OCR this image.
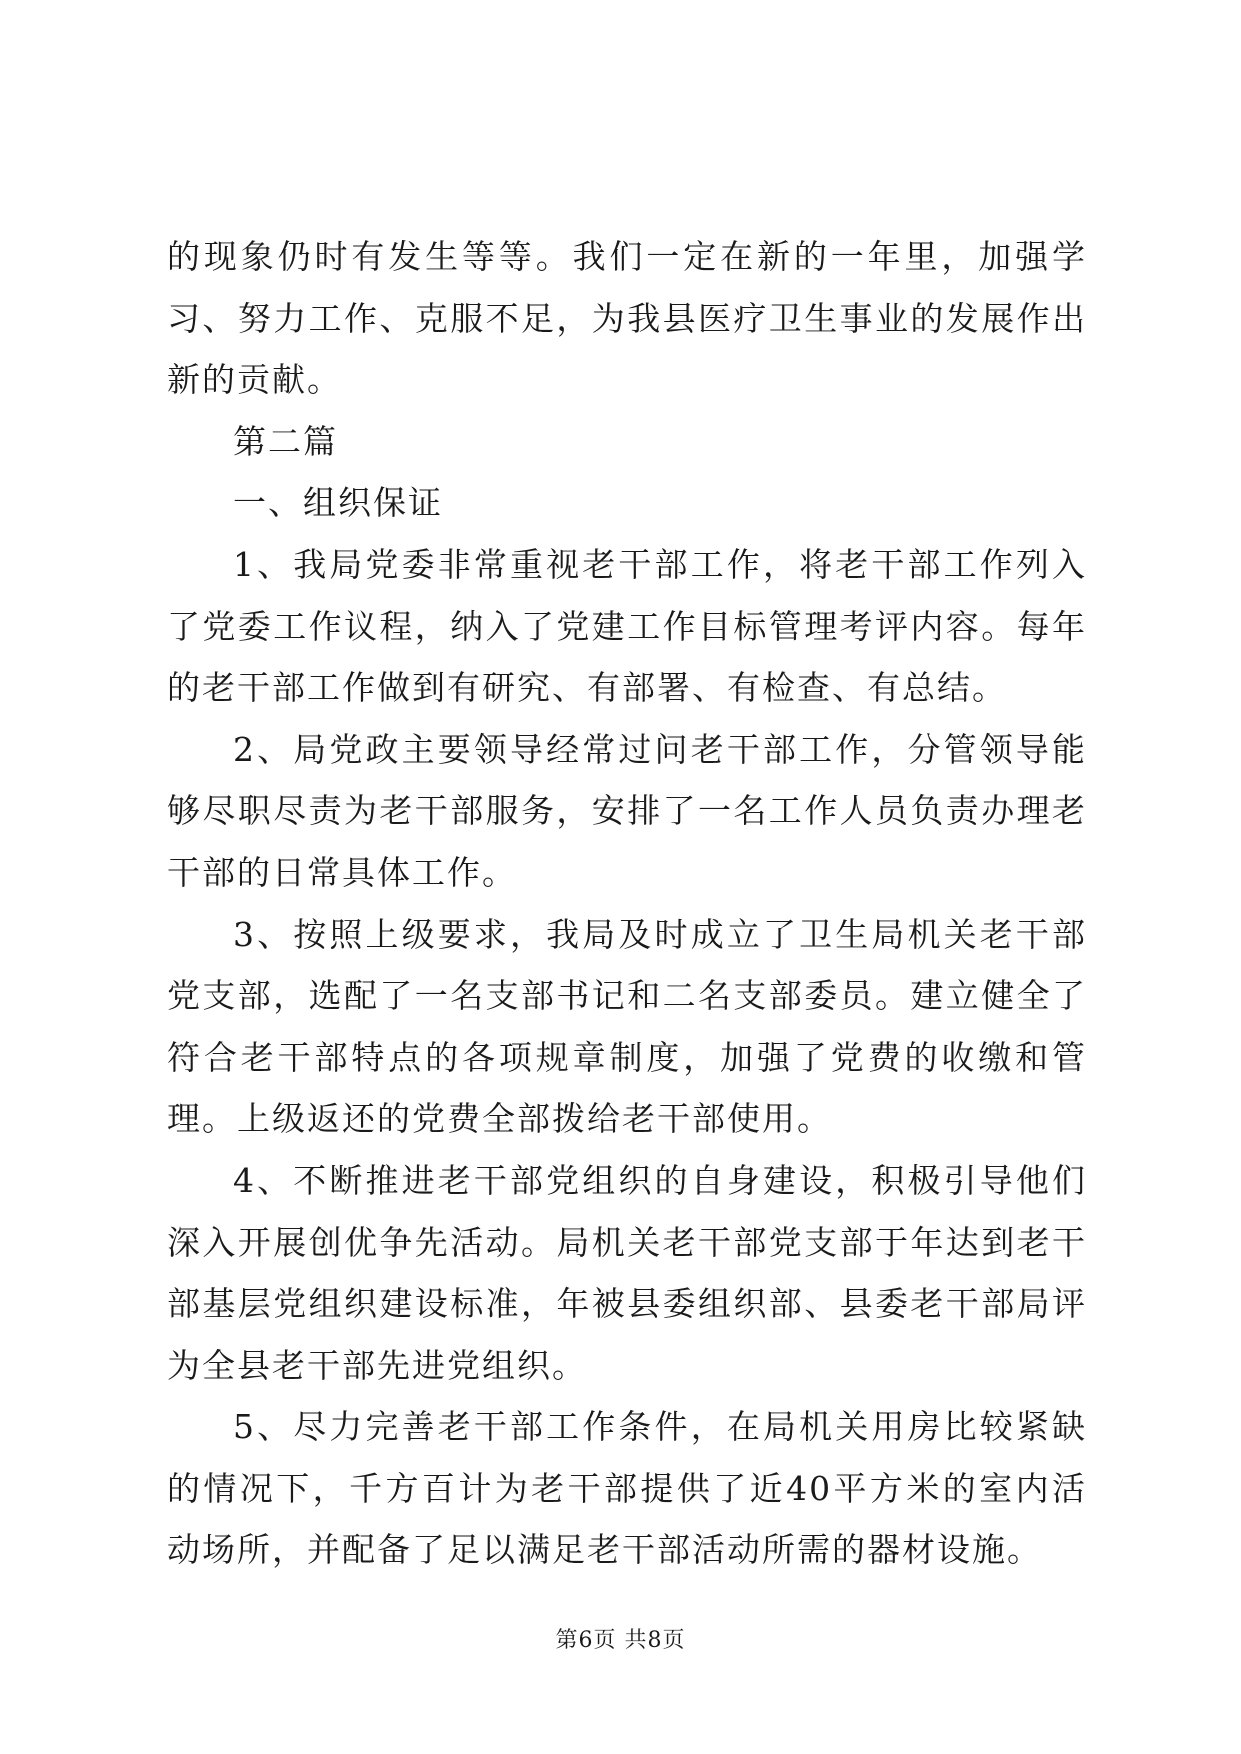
的现象仍时有发生等等。我们一定在新的一年里，加强学习、努力工作、克服不足，为我县医疗卫生事业的发展作出新的贡献。

第二篇

一、组织保证

1、我局党委非常重视老干部工作，将老干部工作列入了党委工作议程，纳入了党建工作目标管理考评内容。每年的老干部工作做到有研究、有部署、有检查、有总结。

2、局党政主要领导经常过问老干部工作，分管领导能够尽职尽责为老干部服务，安排了一名工作人员负责办理老干部的日常具体工作。

3、按照上级要求，我局及时成立了卫生局机关老干部党支部，选配了一名支部书记和二名支部委员。建立健全了符合老干部特点的各项规章制度，加强了党费的收缴和管理。上级返还的党费全部拨给老干部使用。

4、不断推进老干部党组织的自身建设，积极引导他们深入开展创优争先活动。局机关老干部党支部于年达到老干部基层党组织建设标准，年被县委组织部、县委老干部局评为全县老干部先进党组织。

5、尽力完善老干部工作条件，在局机关用房比较紧缺的情况下，千方百计为老干部提供了近40平方米的室内活动场所，并配备了足以满足老干部活动所需的器材设施。

第6页 共8页
